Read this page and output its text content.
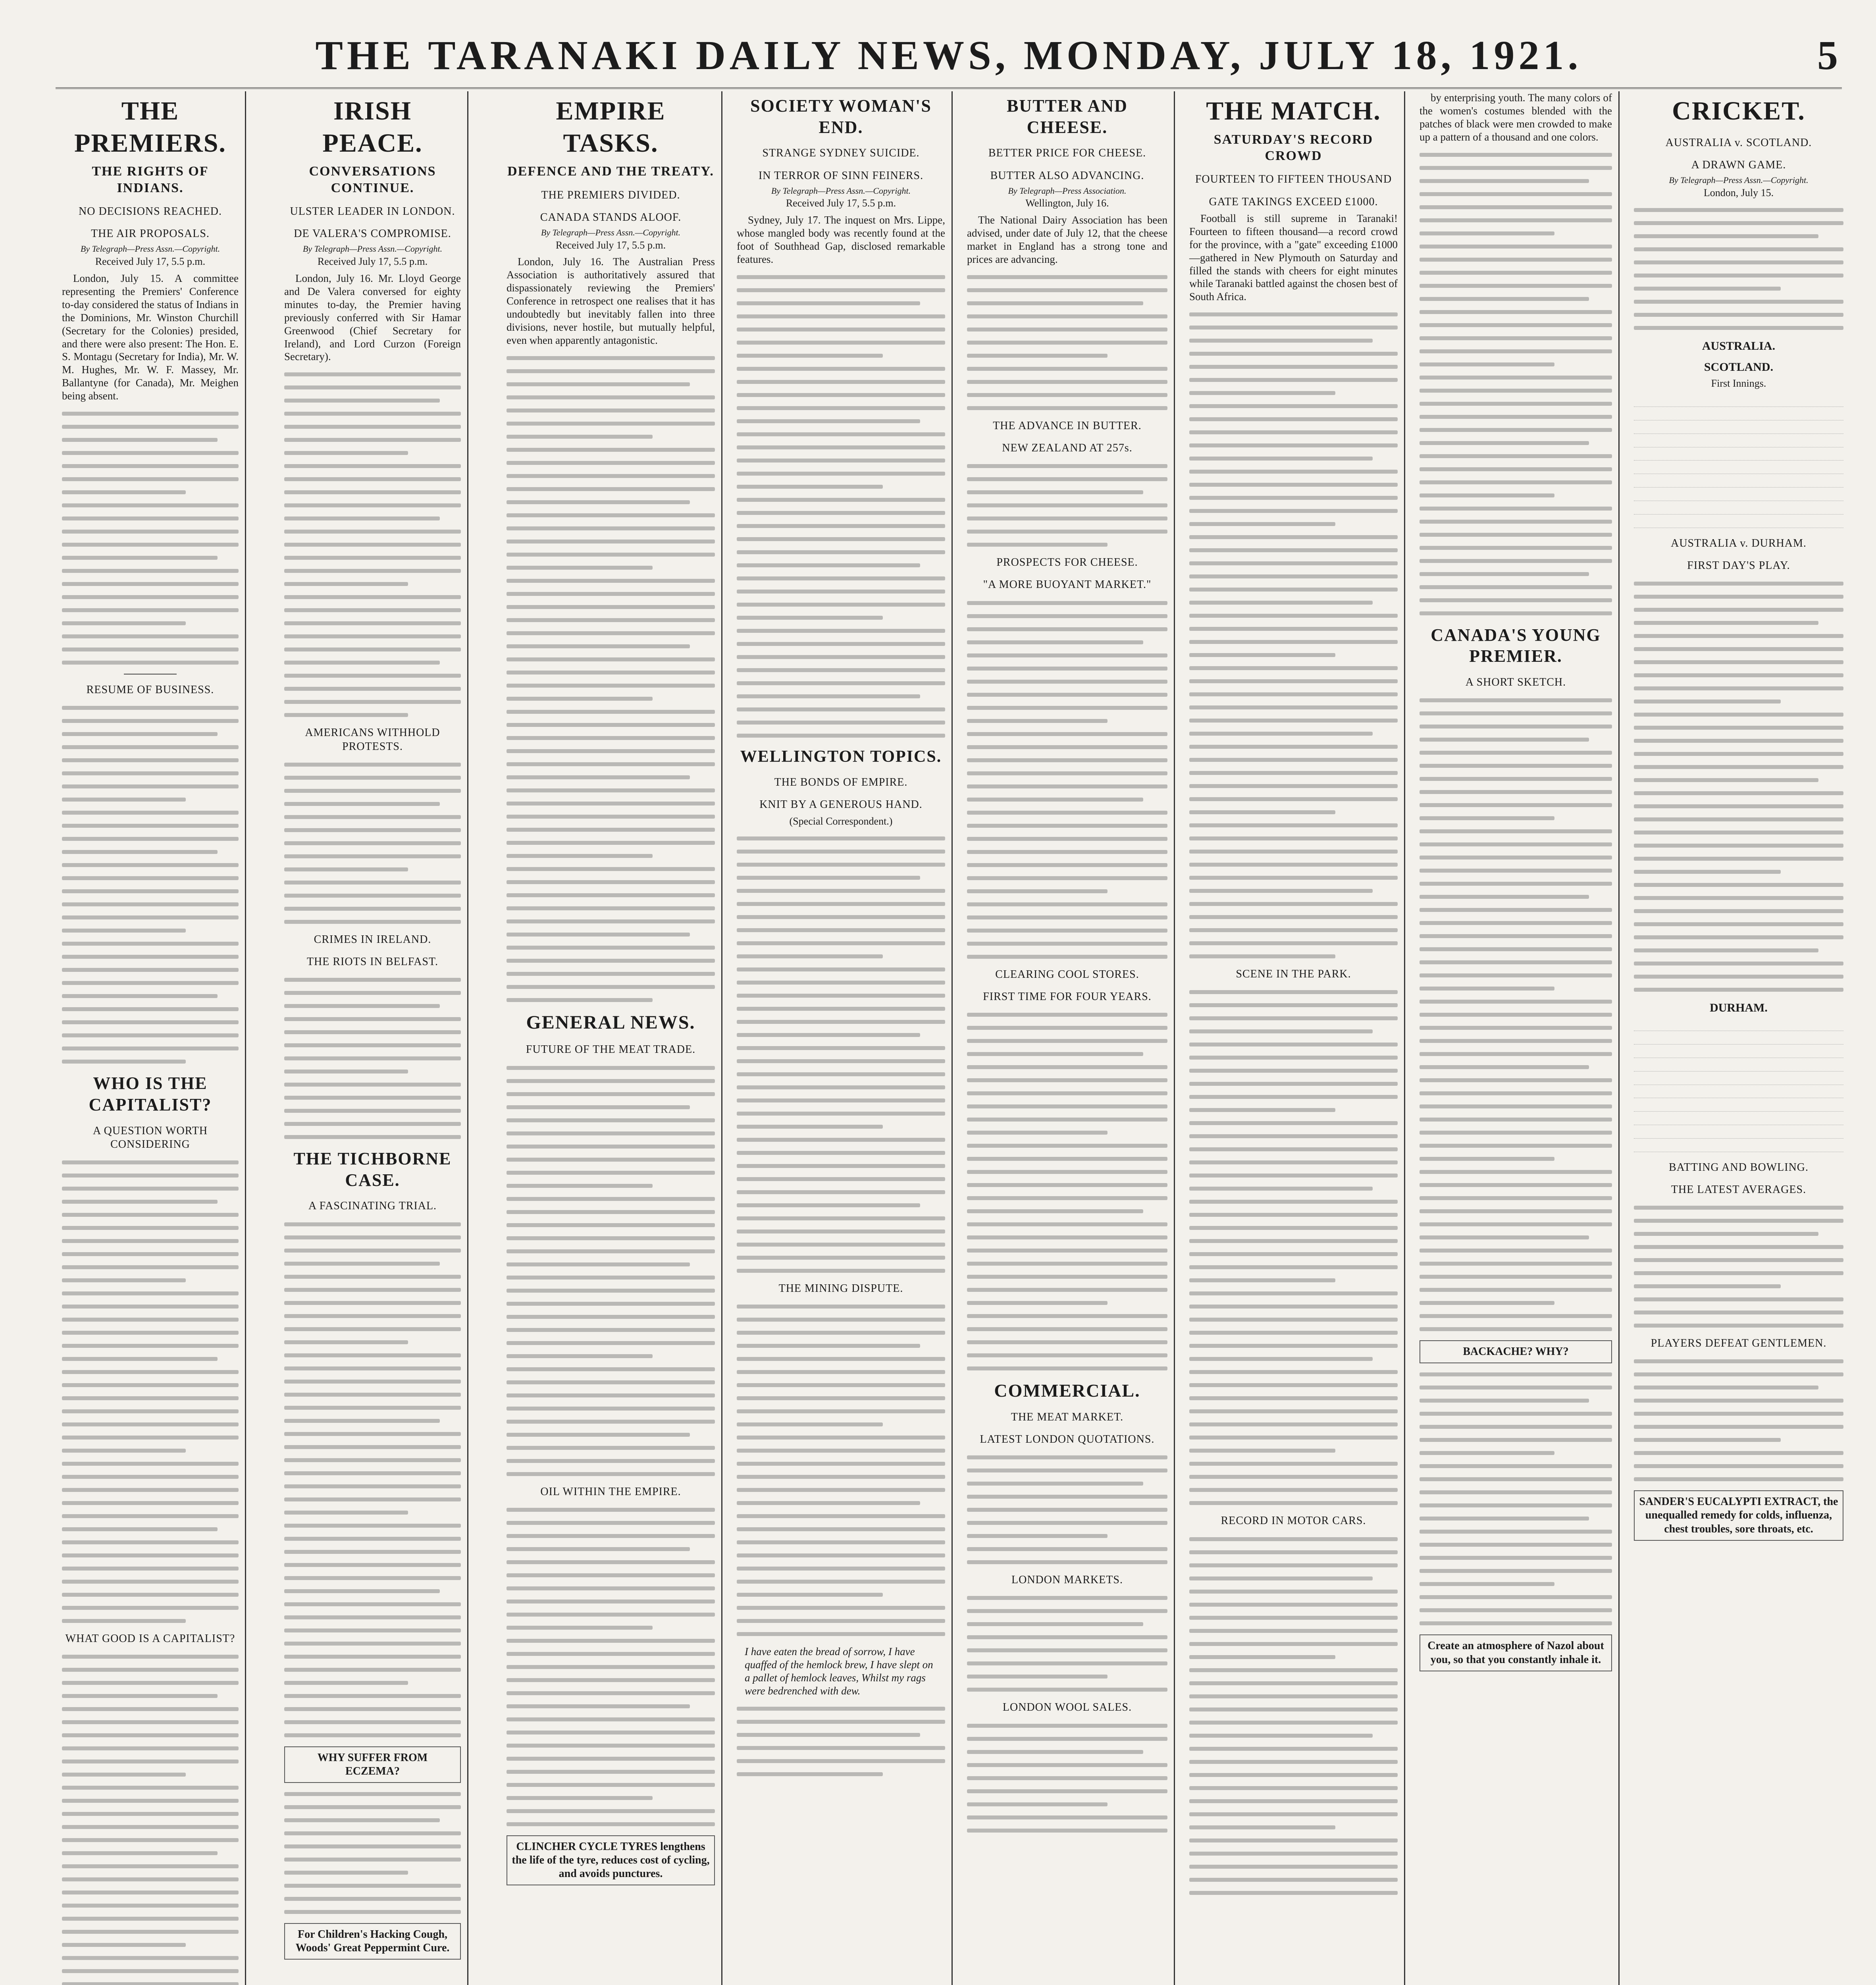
THE TARANAKI DAILY NEWS, MONDAY, JULY 18, 1921.	5
THE PREMIERS.
THE RIGHTS OF INDIANS.
NO DECISIONS REACHED.
THE AIR PROPOSALS.
By Telegraph—Press Assn.—Copyright.
Received July 17, 5.5 p.m.

London, July 15. A committee representing the Premiers' Conference to-day considered the status of Indians in the Dominions, Mr. Winston Churchill (Secretary for the Colonies) presided, and there were also present: The Hon. E. S. Montagu (Secretary for India), Mr. W. M. Hughes, Mr. W. F. Massey, Mr. Ballantyne (for Canada), Mr. Meighen being absent.

RESUME OF BUSINESS.
WHO IS THE CAPITALIST?
A QUESTION WORTH CONSIDERING
WHAT GOOD IS A CAPITALIST?
IRISH PEACE.
CONVERSATIONS CONTINUE.
ULSTER LEADER IN LONDON.
DE VALERA'S COMPROMISE.
By Telegraph—Press Assn.—Copyright.
Received July 17, 5.5 p.m.

London, July 16. Mr. Lloyd George and De Valera conversed for eighty minutes to-day, the Premier having previously conferred with Sir Hamar Greenwood (Chief Secretary for Ireland), and Lord Curzon (Foreign Secretary).

AMERICANS WITHHOLD PROTESTS.
CRIMES IN IRELAND.
THE RIOTS IN BELFAST.
THE TICHBORNE CASE.
A FASCINATING TRIAL.
WHY SUFFER FROM ECZEMA?
For Children's Hacking Cough, Woods' Great Peppermint Cure.
EMPIRE TASKS.
DEFENCE AND THE TREATY.
THE PREMIERS DIVIDED.
CANADA STANDS ALOOF.
By Telegraph—Press Assn.—Copyright.
Received July 17, 5.5 p.m.

London, July 16. The Australian Press Association is authoritatively assured that dispassionately reviewing the Premiers' Conference in retrospect one realises that it has undoubtedly but inevitably fallen into three divisions, never hostile, but mutually helpful, even when apparently antagonistic.

GENERAL NEWS.
FUTURE OF THE MEAT TRADE.
OIL WITHIN THE EMPIRE.
CLINCHER CYCLE TYRES lengthens the life of the tyre, reduces cost of cycling, and avoids punctures.
SOCIETY WOMAN'S END.
STRANGE SYDNEY SUICIDE.
IN TERROR OF SINN FEINERS.
By Telegraph—Press Assn.—Copyright.
Received July 17, 5.5 p.m.

Sydney, July 17. The inquest on Mrs. Lippe, whose mangled body was recently found at the foot of Southhead Gap, disclosed remarkable features.

WELLINGTON TOPICS.
THE BONDS OF EMPIRE.
KNIT BY A GENEROUS HAND.
(Special Correspondent.)
THE MINING DISPUTE.
I have eaten the bread of sorrow, I have quaffed of the hemlock brew, I have slept on a pallet of hemlock leaves, Whilst my rags were bedrenched with dew.
BUTTER AND CHEESE.
BETTER PRICE FOR CHEESE.
BUTTER ALSO ADVANCING.
By Telegraph—Press Association.
Wellington, July 16.

The National Dairy Association has been advised, under date of July 12, that the cheese market in England has a strong tone and prices are advancing.

THE ADVANCE IN BUTTER.
NEW ZEALAND AT 257s.
PROSPECTS FOR CHEESE.
"A MORE BUOYANT MARKET."
CLEARING COOL STORES.
FIRST TIME FOR FOUR YEARS.
COMMERCIAL.
THE MEAT MARKET.
LATEST LONDON QUOTATIONS.
LONDON MARKETS.
LONDON WOOL SALES.
THE MATCH.
SATURDAY'S RECORD CROWD
FOURTEEN TO FIFTEEN THOUSAND
GATE TAKINGS EXCEED £1000.

Football is still supreme in Taranaki! Fourteen to fifteen thousand—a record crowd for the province, with a "gate" exceeding £1000—gathered in New Plymouth on Saturday and filled the stands with cheers for eight minutes while Taranaki battled against the chosen best of South Africa.

SCENE IN THE PARK.
RECORD IN MOTOR CARS.

by enterprising youth. The many colors of the women's costumes blended with the patches of black were men crowded to make up a pattern of a thousand and one colors.

CANADA'S YOUNG PREMIER.
A SHORT SKETCH.
BACKACHE? WHY?
Create an atmosphere of Nazol about you, so that you constantly inhale it.
CRICKET.
AUSTRALIA v. SCOTLAND.
A DRAWN GAME.
By Telegraph—Press Assn.—Copyright.
London, July 15.
AUSTRALIA.
SCOTLAND.
First Innings.

AUSTRALIA v. DURHAM.
FIRST DAY'S PLAY.
DURHAM.

BATTING AND BOWLING.
THE LATEST AVERAGES.
PLAYERS DEFEAT GENTLEMEN.
SANDER'S EUCALYPTI EXTRACT, the unequalled remedy for colds, influenza, chest troubles, sore throats, etc.
